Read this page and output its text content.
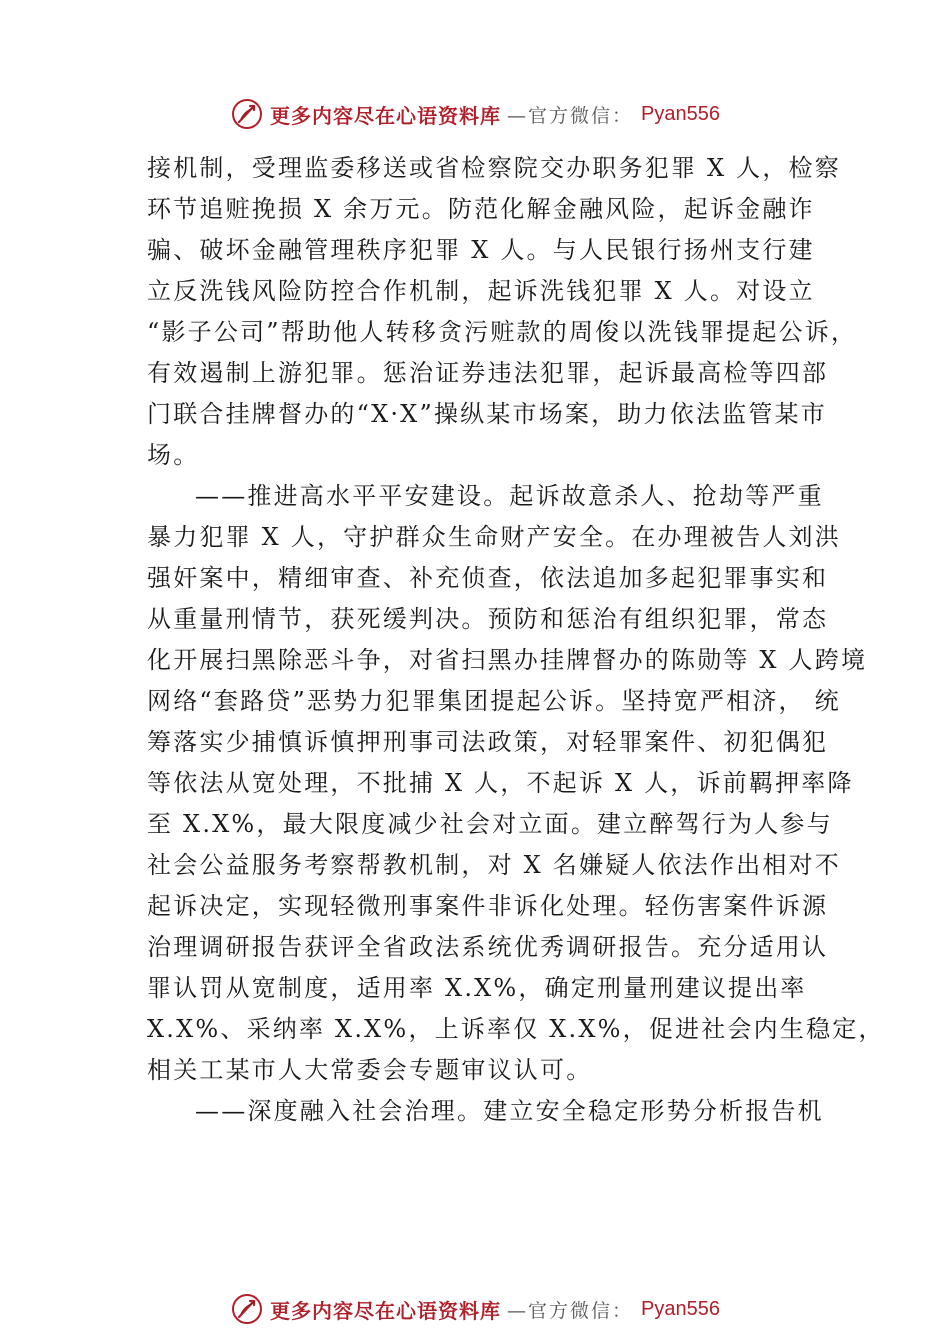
更多内容尽在心语资料库 —官方微信： Pyan556
接机制，受理监委移送或省检察院交办职务犯罪 X 人，检察
环节追赃挽损 X 余万元。防范化解金融风险，起诉金融诈
骗、破坏金融管理秩序犯罪 X 人。与人民银行扬州支行建
立反洗钱风险防控合作机制，起诉洗钱犯罪 X 人。对设立
“影子公司”帮助他人转移贪污赃款的周俊以洗钱罪提起公诉，
有效遏制上游犯罪。惩治证券违法犯罪，起诉最高检等四部
门联合挂牌督办的“X·X”操纵某市场案，助力依法监管某市
场。
——推进高水平平安建设。起诉故意杀人、抢劫等严重
暴力犯罪 X 人，守护群众生命财产安全。在办理被告人刘洪
强奸案中，精细审查、补充侦查，依法追加多起犯罪事实和
从重量刑情节，获死缓判决。预防和惩治有组织犯罪，常态
化开展扫黑除恶斗争，对省扫黑办挂牌督办的陈勋等 X 人跨境
网络“套路贷”恶势力犯罪集团提起公诉。坚持宽严相济， 统
筹落实少捕慎诉慎押刑事司法政策，对轻罪案件、初犯偶犯
等依法从宽处理，不批捕 X 人，不起诉 X 人，诉前羁押率降
至 X.X%，最大限度减少社会对立面。建立醉驾行为人参与
社会公益服务考察帮教机制，对 X 名嫌疑人依法作出相对不
起诉决定，实现轻微刑事案件非诉化处理。轻伤害案件诉源
治理调研报告获评全省政法系统优秀调研报告。充分适用认
罪认罚从宽制度，适用率 X.X%，确定刑量刑建议提出率
X.X%、采纳率 X.X%，上诉率仅 X.X%，促进社会内生稳定，
相关工某市人大常委会专题审议认可。
——深度融入社会治理。建立安全稳定形势分析报告机
更多内容尽在心语资料库 —官方微信： Pyan556
